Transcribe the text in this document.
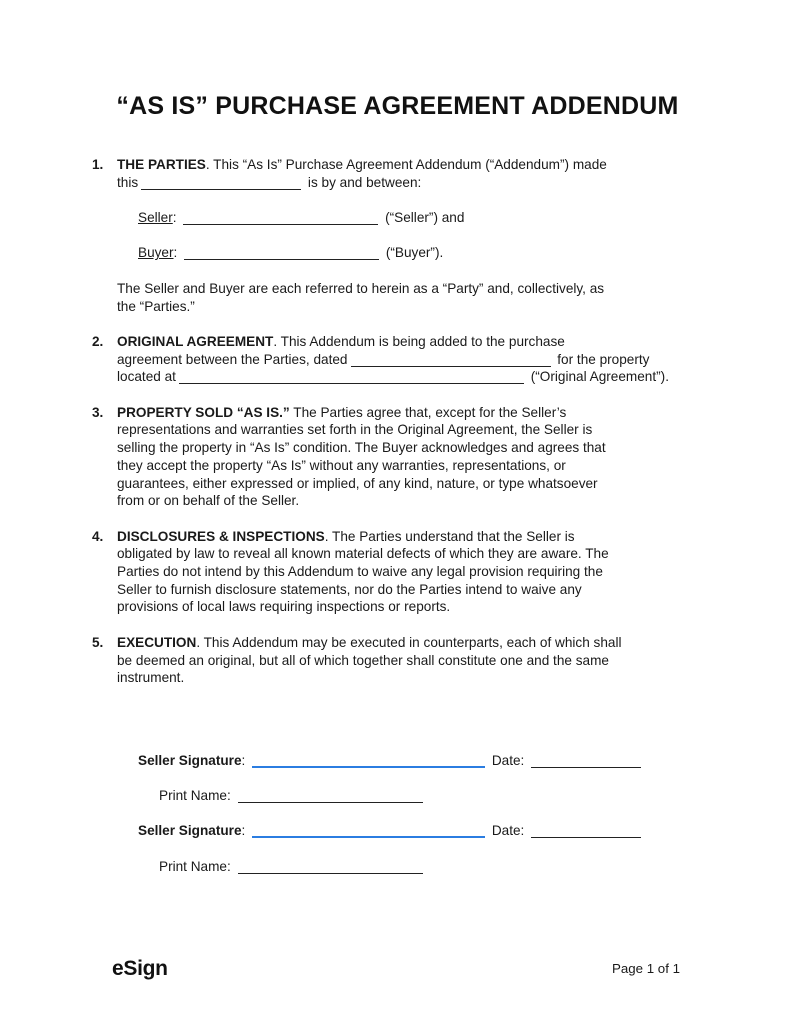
“AS IS” PURCHASE AGREEMENT ADDENDUM
1.	THE PARTIES. This “As Is” Purchase Agreement Addendum (“Addendum”) made
this	is by and between:
Seller:	(“Seller”) and
Buyer:	(“Buyer”).
The Seller and Buyer are each referred to herein as a “Party” and, collectively, as
the “Parties.”
2.	ORIGINAL AGREEMENT. This Addendum is being added to the purchase
agreement between the Parties, dated	for the property
located at	(“Original Agreement”).
3.	PROPERTY SOLD “AS IS.” The Parties agree that, except for the Seller’s
representations and warranties set forth in the Original Agreement, the Seller is
selling the property in “As Is” condition. The Buyer acknowledges and agrees that
they accept the property “As Is” without any warranties, representations, or
guarantees, either expressed or implied, of any kind, nature, or type whatsoever
from or on behalf of the Seller.
4.	DISCLOSURES & INSPECTIONS. The Parties understand that the Seller is
obligated by law to reveal all known material defects of which they are aware. The
Parties do not intend by this Addendum to waive any legal provision requiring the
Seller to furnish disclosure statements, nor do the Parties intend to waive any
provisions of local laws requiring inspections or reports.
5.	EXECUTION. This Addendum may be executed in counterparts, each of which shall
be deemed an original, but all of which together shall constitute one and the same
instrument.
Seller Signature:	Date:
Print Name:
Seller Signature:	Date:
Print Name:
eSign	Page 1 of 1
